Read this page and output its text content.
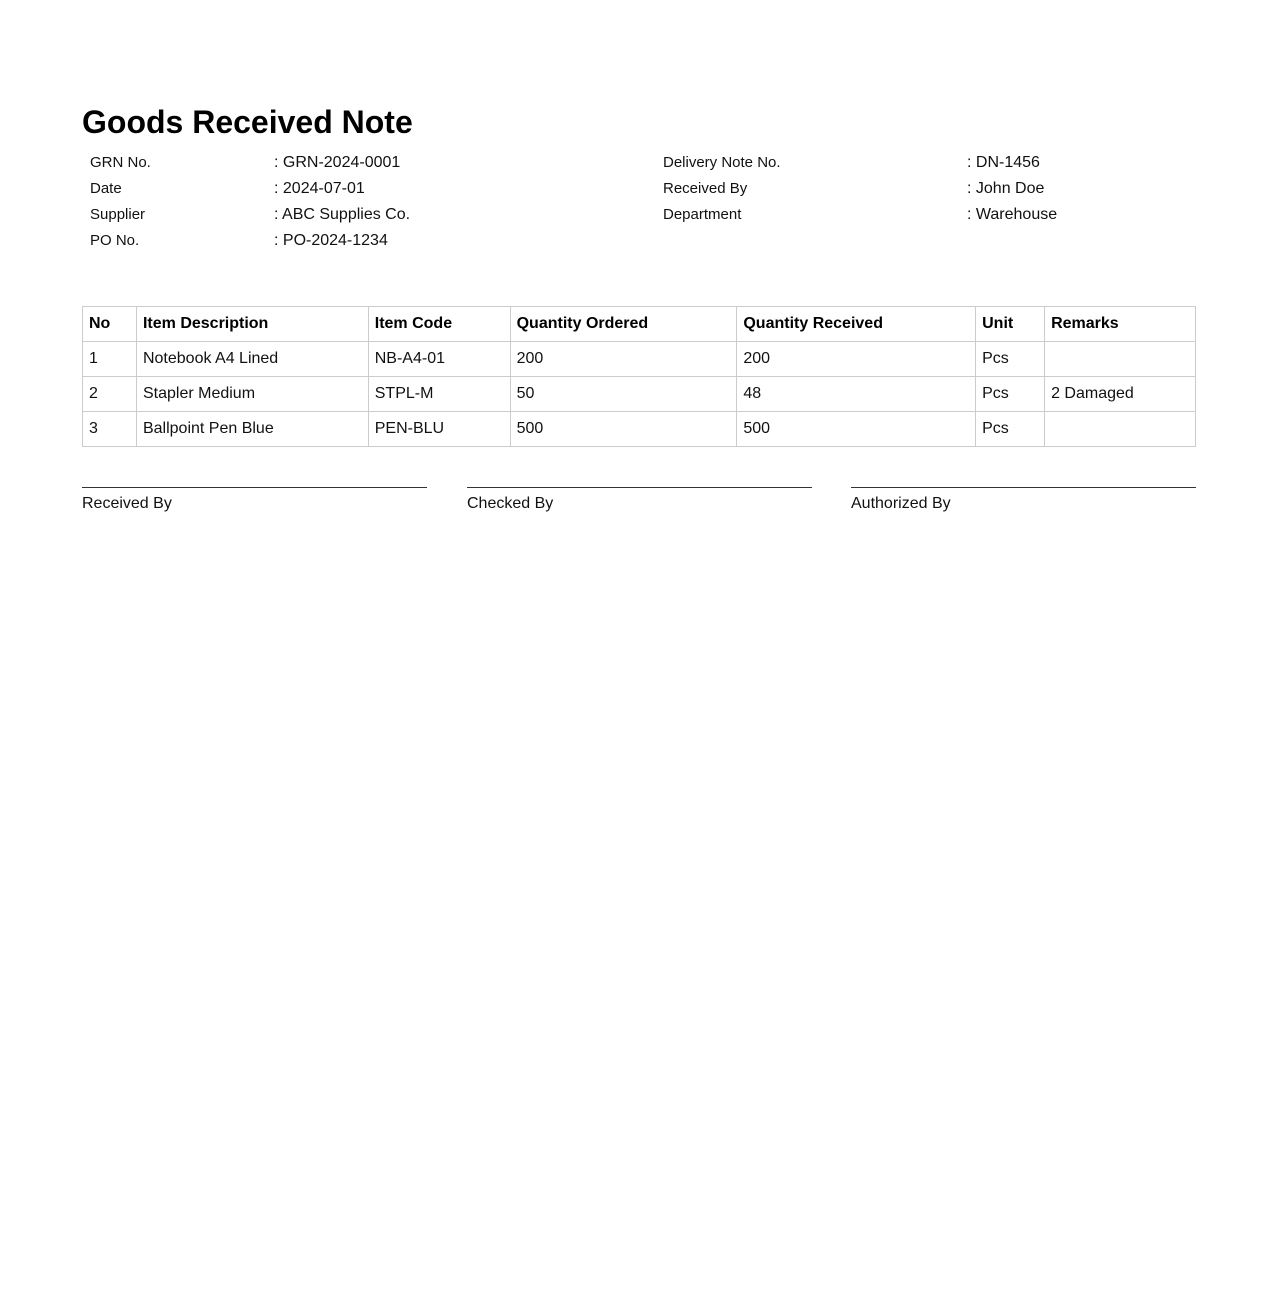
Goods Received Note
GRN No.	: GRN-2024-0001
Date	: 2024-07-01
Supplier	: ABC Supplies Co.
PO No.	: PO-2024-1234
Delivery Note No.	: DN-1456
Received By	: John Doe
Department	: Warehouse
No	Item Description	Item Code	Quantity Ordered	Quantity Received	Unit	Remarks
1	Notebook A4 Lined	NB-A4-01	200	200	Pcs	
2	Stapler Medium	STPL-M	50	48	Pcs	2 Damaged
3	Ballpoint Pen Blue	PEN-BLU	500	500	Pcs	
Received By	Checked By	Authorized By
